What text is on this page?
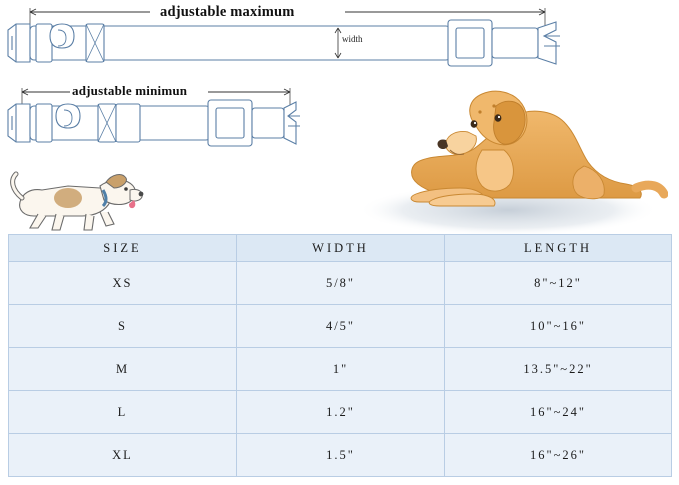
adjustable maximum
adjustable minimun
width
SIZE	WIDTH	LENGTH
XS	5/8"	8"~12"
S	4/5"	10"~16"
M	1"	13.5"~22"
L	1.2"	16"~24"
XL	1.5"	16"~26"
